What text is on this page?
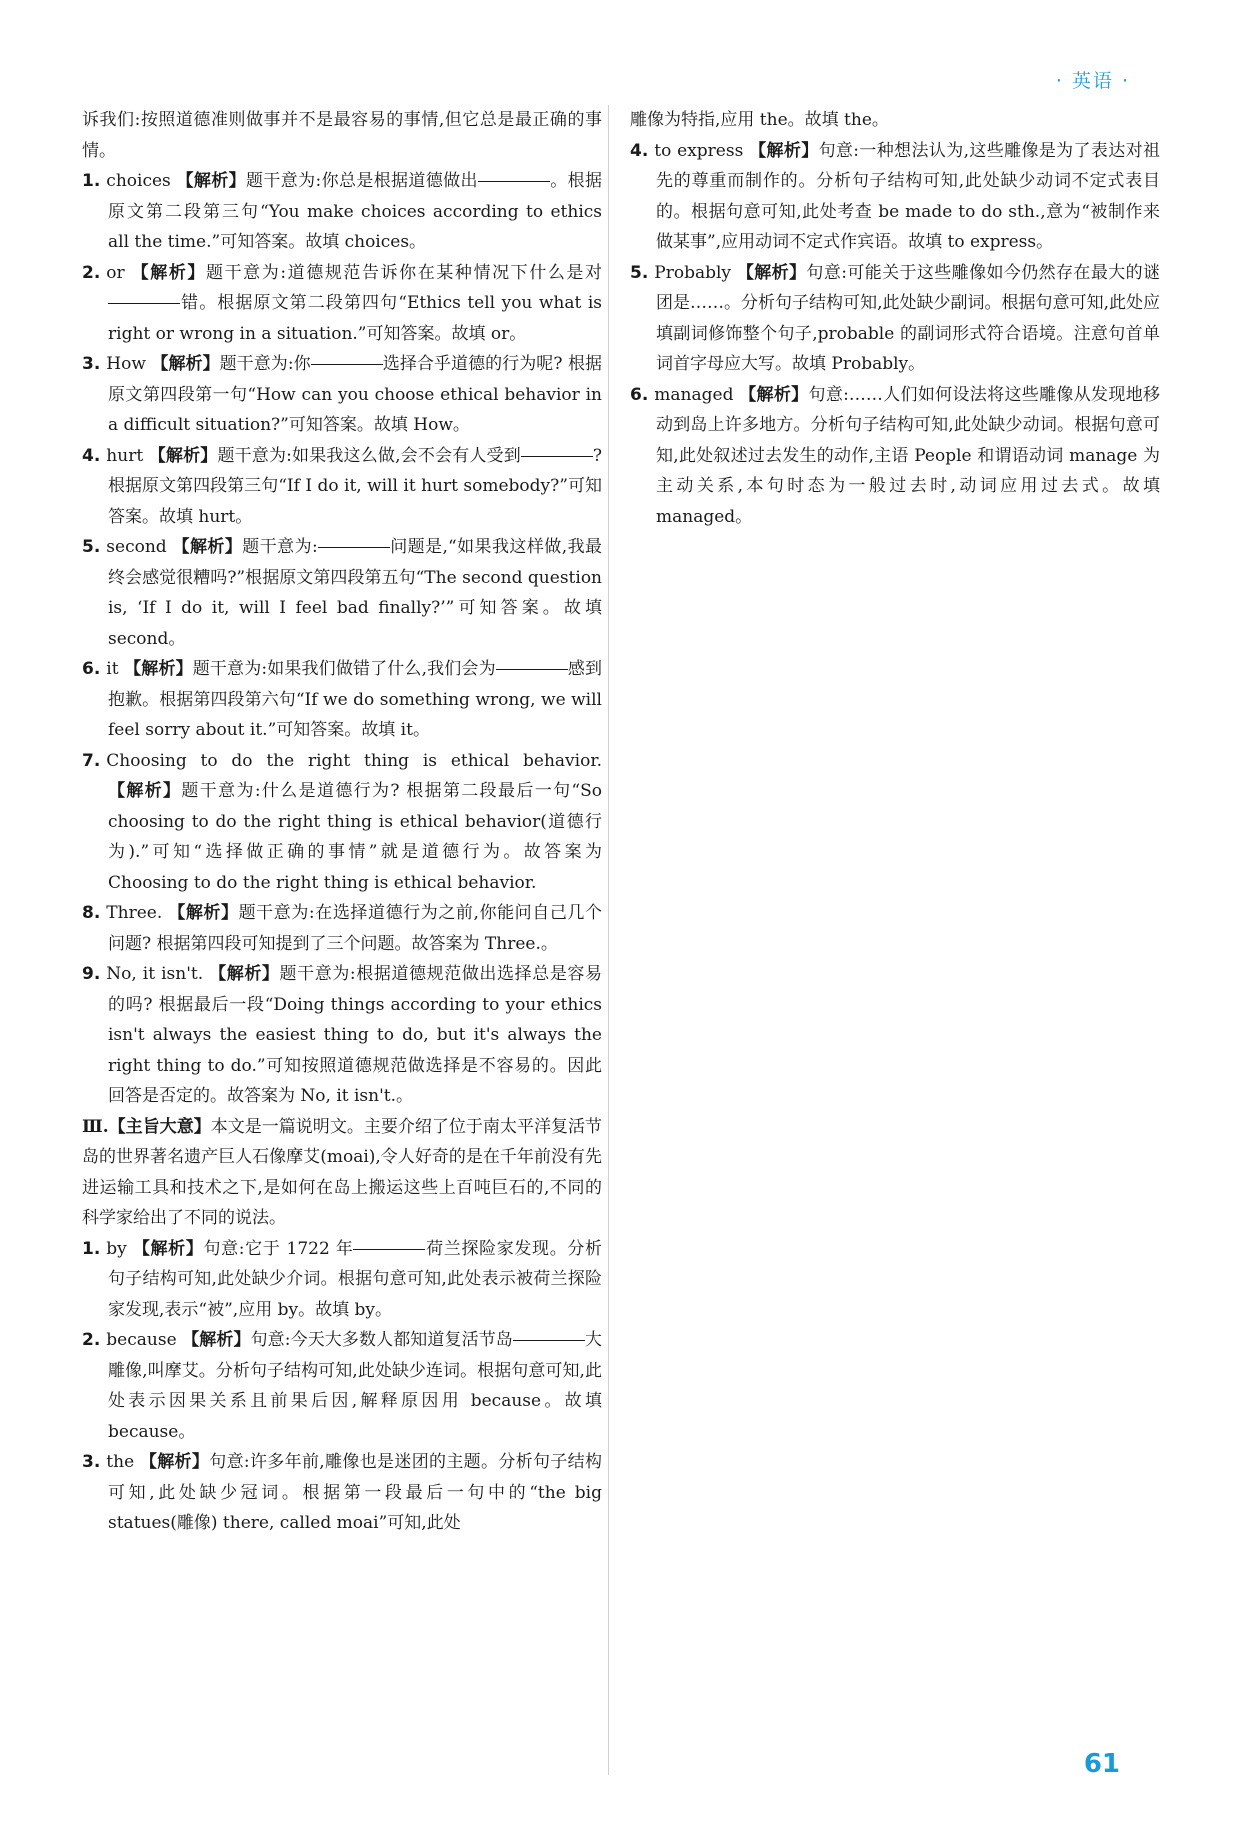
· 英语 ·

诉我们:按照道德准则做事并不是最容易的事情,但它总是最正确的事情。

1. choices 【解析】题干意为:你总是根据道德做出	。根据原文第二段第三句“You make choices according to ethics all the time.”可知答案。故填 choices。

2. or 【解析】题干意为:道德规范告诉你在某种情况下什么是对错。根据原文第二段第四句“Ethics tell you what is right or wrong in a situation.”可知答案。故填 or。

3. How 【解析】题干意为:你	选择合乎道德的行为呢? 根据原文第四段第一句“How can you choose ethical behavior in a difficult situation?”可知答案。故填 How。

4. hurt 【解析】题干意为:如果我这么做,会不会有人受到	? 根据原文第四段第三句“If I do it, will it hurt somebody?”可知答案。故填 hurt。

5. second 【解析】题干意为:	问题是,“如果我这样做,我最终会感觉很糟吗?”根据原文第四段第五句“The second question is, ‘If I do it, will I feel bad finally?’”可知答案。故填 second。

6. it 【解析】题干意为:如果我们做错了什么,我们会为	感到抱歉。根据第四段第六句“If we do something wrong, we will feel sorry about it.”可知答案。故填 it。

7. Choosing to do the right thing is ethical behavior. 【解析】题干意为:什么是道德行为? 根据第二段最后一句“So choosing to do the right thing is ethical behavior(道德行为).”可知“选择做正确的事情”就是道德行为。故答案为 Choosing to do the right thing is ethical behavior.

8. Three. 【解析】题干意为:在选择道德行为之前,你能问自己几个问题? 根据第四段可知提到了三个问题。故答案为 Three.。

9. No, it isn't. 【解析】题干意为:根据道德规范做出选择总是容易的吗? 根据最后一段“Doing things according to your ethics isn't always the easiest thing to do, but it's always the right thing to do.”可知按照道德规范做选择是不容易的。因此回答是否定的。故答案为 No, it isn't.。

Ⅲ.【主旨大意】本文是一篇说明文。主要介绍了位于南太平洋复活节岛的世界著名遗产巨人石像摩艾(moai),令人好奇的是在千年前没有先进运输工具和技术之下,是如何在岛上搬运这些上百吨巨石的,不同的科学家给出了不同的说法。

1. by 【解析】句意:它于 1722 年	荷兰探险家发现。分析句子结构可知,此处缺少介词。根据句意可知,此处表示被荷兰探险家发现,表示“被”,应用 by。故填 by。

2. because 【解析】句意:今天大多数人都知道复活节岛	大雕像,叫摩艾。分析句子结构可知,此处缺少连词。根据句意可知,此处表示因果关系且前果后因,解释原因用 because。故填 because。

3. the 【解析】句意:许多年前,雕像也是迷团的主题。分析句子结构可知,此处缺少冠词。根据第一段最后一句中的“the big statues(雕像) there, called moai”可知,此处

雕像为特指,应用 the。故填 the。

4. to express 【解析】句意:一种想法认为,这些雕像是为了表达对祖先的尊重而制作的。分析句子结构可知,此处缺少动词不定式表目的。根据句意可知,此处考查 be made to do sth.,意为“被制作来做某事”,应用动词不定式作宾语。故填 to express。

5. Probably 【解析】句意:可能关于这些雕像如今仍然存在最大的谜团是……。分析句子结构可知,此处缺少副词。根据句意可知,此处应填副词修饰整个句子,probable 的副词形式符合语境。注意句首单词首字母应大写。故填 Probably。

6. managed 【解析】句意:……人们如何设法将这些雕像从发现地移动到岛上许多地方。分析句子结构可知,此处缺少动词。根据句意可知,此处叙述过去发生的动作,主语 People 和谓语动词 manage 为主动关系,本句时态为一般过去时,动词应用过去式。故填 managed。

61
